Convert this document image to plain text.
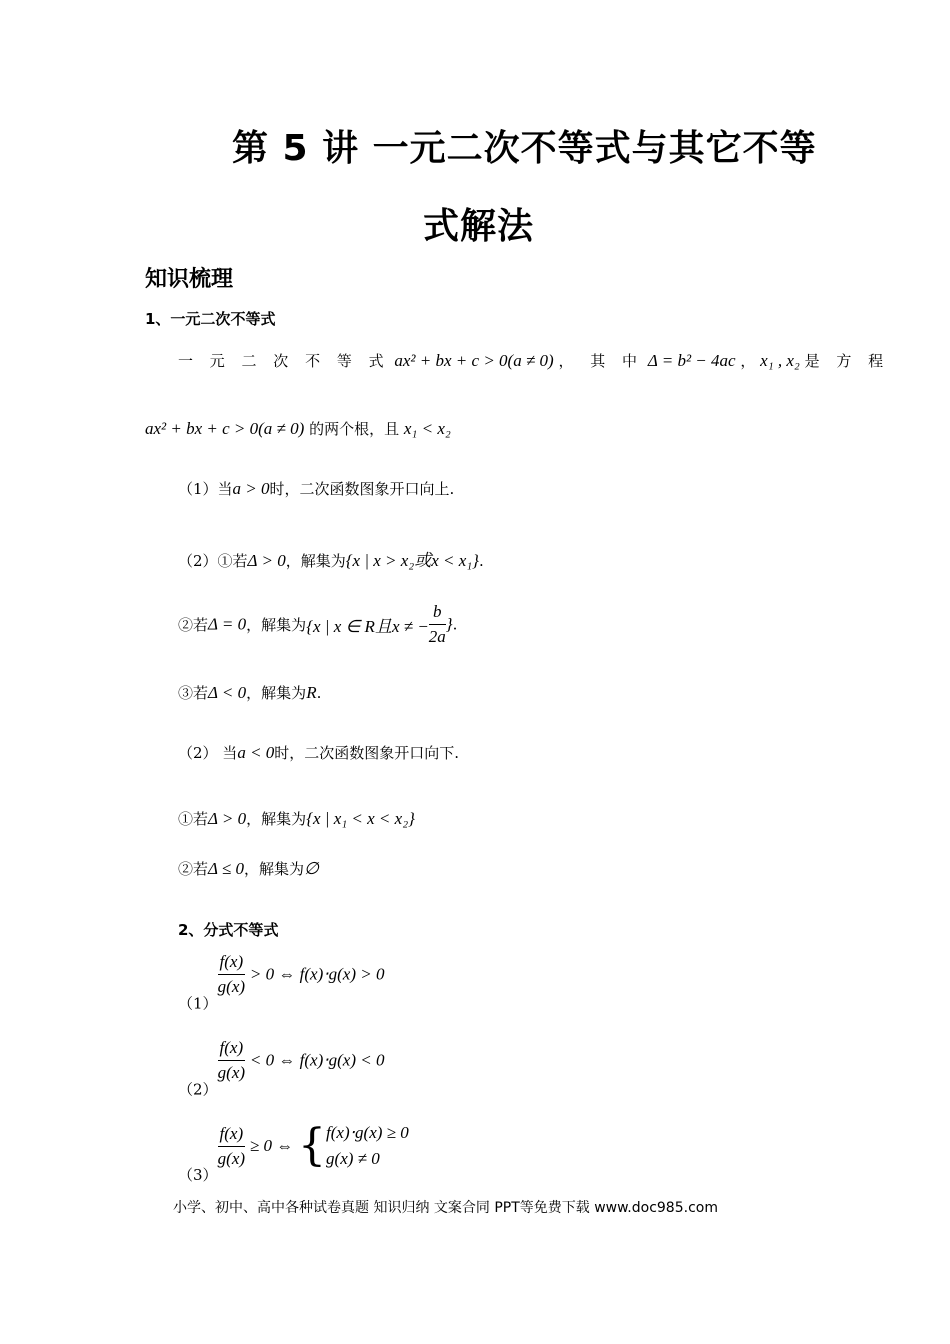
第 5 讲 一元二次不等式与其它不等
式解法
知识梳理
1、一元二次不等式
一 元 二 次 不 等 式 ax² + bx + c > 0(a ≠ 0) ， 其 中 Δ = b² − 4ac ， x₁ , x₂ 是 方 程
ax² + bx + c > 0(a ≠ 0) 的两个根，且 x₁ < x₂
（1）当a > 0时，二次函数图象开口向上.
（2）①若Δ > 0，解集为{x | x > x₂或x < x₁}.
②若Δ = 0，解集为{x | x ∈ R且x ≠ − $\frac{b}{2a}$ }.
③若Δ < 0，解集为R.
（2） 当a < 0时，二次函数图象开口向下.
①若Δ > 0，解集为{x | x₁ < x < x₂}
②若Δ ≤ 0，解集为∅
2、分式不等式
（1）
$\frac{f(x)}{g(x)} > 0$ ⇔ f(x)⋅g(x) > 0
（2）
$\frac{f(x)}{g(x)} < 0$ ⇔ f(x)⋅g(x) < 0
（3）
$\frac{f(x)}{g(x)} \ge 0$ ⇔ { f(x)⋅g(x) ≥ 0
g(x) ≠ 0
小学、初中、高中各种试卷真题 知识归纳 文案合同 PPT等免费下载 www.doc985.com
